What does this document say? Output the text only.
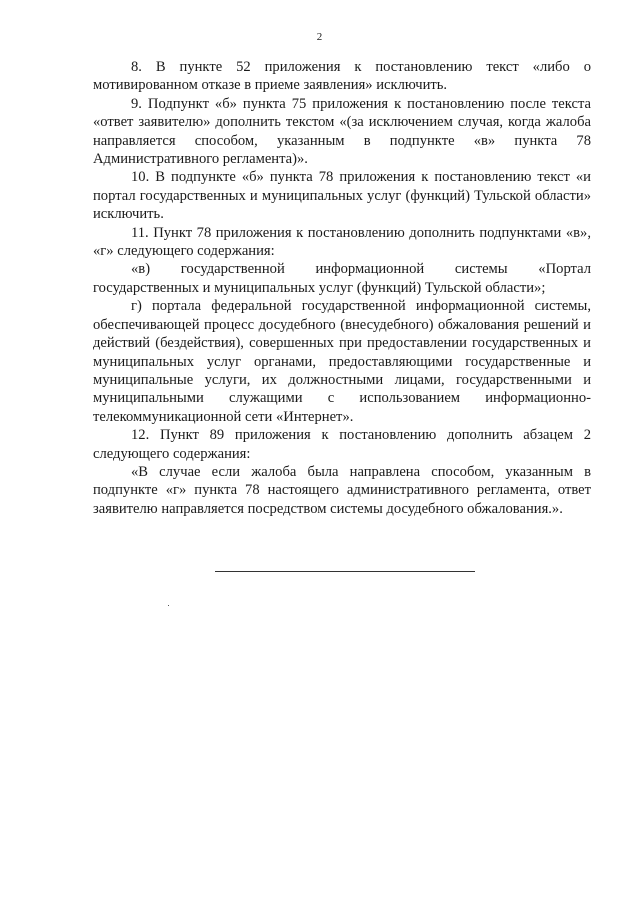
2

8. В пункте 52 приложения к постановлению текст «либо о мотивированном отказе в приеме заявления» исключить.

9. Подпункт «б» пункта 75 приложения к постановлению после текста «ответ заявителю» дополнить текстом «(за исключением случая, когда жалоба направляется способом, указанным в подпункте «в» пункта 78 Административного регламента)».

10. В подпункте «б» пункта 78 приложения к постановлению текст «и портал государственных и муниципальных услуг (функций) Тульской области» исключить.

11. Пункт 78 приложения к постановлению дополнить подпунктами «в», «г» следующего содержания:

«в) государственной информационной системы «Портал государственных и муниципальных услуг (функций) Тульской области»;

г) портала федеральной государственной информационной системы, обеспечивающей процесс досудебного (внесудебного) обжалования решений и действий (бездействия), совершенных при предоставлении государственных и муниципальных услуг органами, предоставляющими государственные и муниципальные услуги, их должностными лицами, государственными и муниципальными служащими с использованием информационно-телекоммуникационной сети «Интернет».

12. Пункт 89 приложения к постановлению дополнить абзацем 2 следующего содержания:

«В случае если жалоба была направлена способом, указанным в подпункте «г» пункта 78 настоящего административного регламента, ответ заявителю направляется посредством системы досудебного обжалования.».
